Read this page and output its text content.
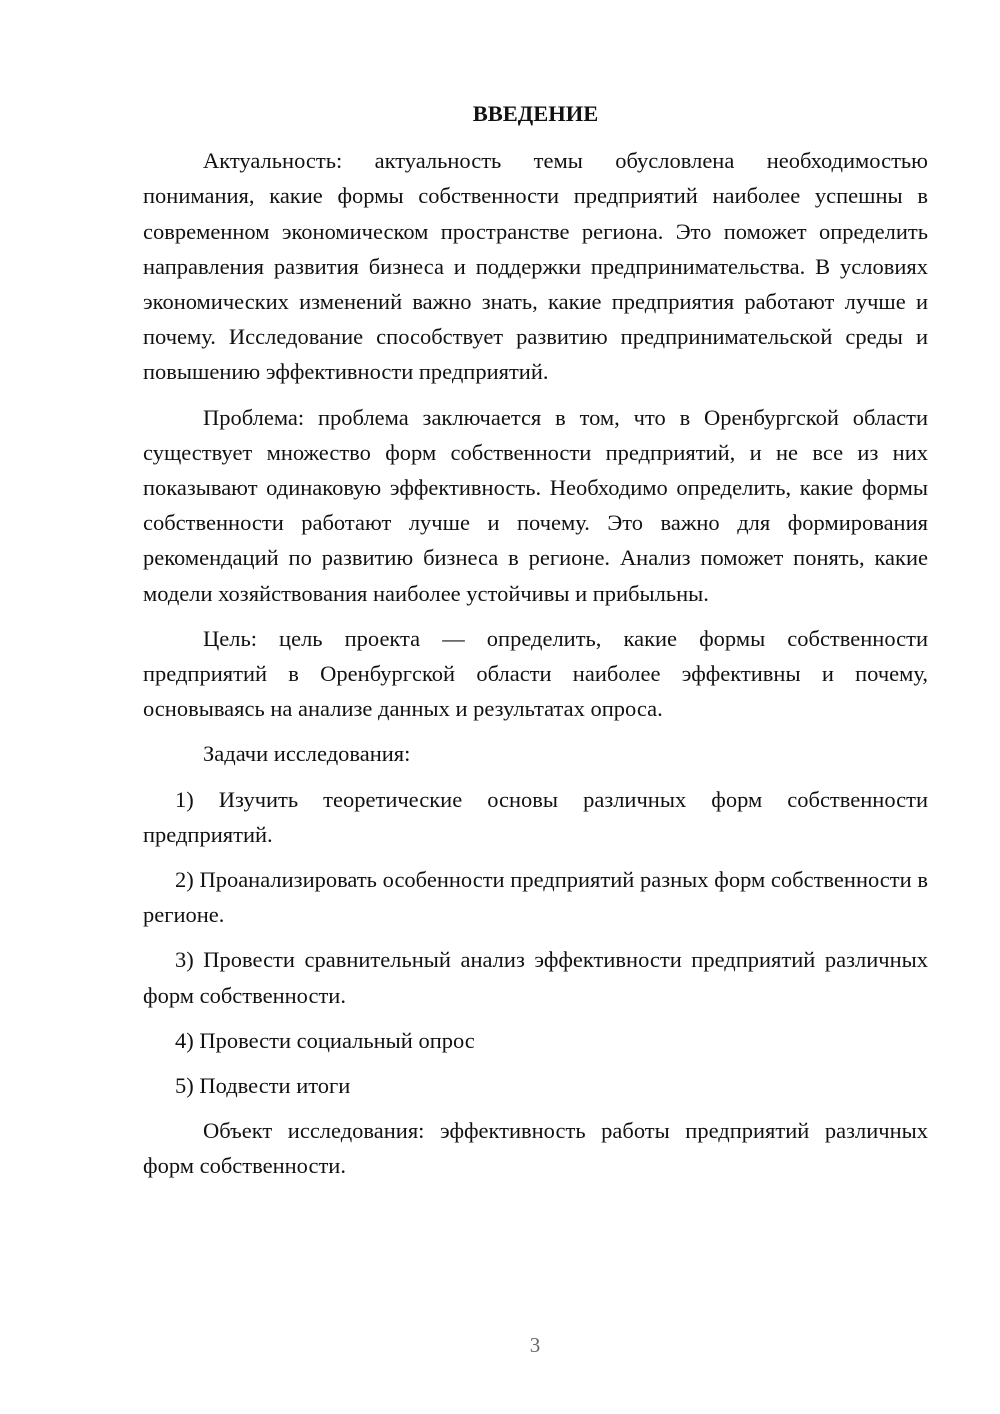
ВВЕДЕНИЕ

Актуальность: актуальность темы обусловлена необходимостью понимания, какие формы собственности предприятий наиболее успешны в современном экономическом пространстве региона. Это поможет определить направления развития бизнеса и поддержки предпринимательства. В условиях экономических изменений важно знать, какие предприятия работают лучше и почему. Исследование способствует развитию предпринимательской среды и повышению эффективности предприятий.

Проблема: проблема заключается в том, что в Оренбургской области существует множество форм собственности предприятий, и не все из них показывают одинаковую эффективность. Необходимо определить, какие формы собственности работают лучше и почему. Это важно для формирования рекомендаций по развитию бизнеса в регионе. Анализ поможет понять, какие модели хозяйствования наиболее устойчивы и прибыльны.

Цель: цель проекта — определить, какие формы собственности предприятий в Оренбургской области наиболее эффективны и почему, основываясь на анализе данных и результатах опроса.

Задачи исследования:

1) Изучить теоретические основы различных форм собственности предприятий.

2) Проанализировать особенности предприятий разных форм собственности в регионе.

3) Провести сравнительный анализ эффективности предприятий различных форм собственности.

4) Провести социальный опрос

5) Подвести итоги

Объект исследования: эффективность работы предприятий различных форм собственности.

3
